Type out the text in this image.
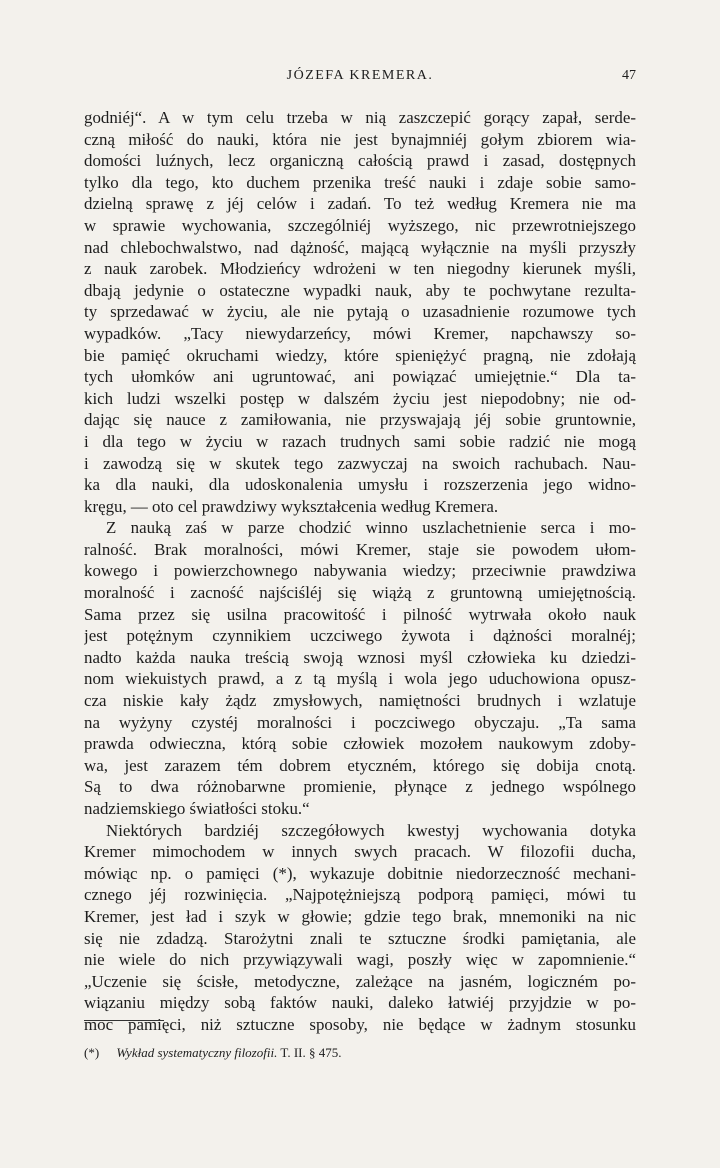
JÓZEFA KREMERA.	47
godniéj“. A w tym celu trzeba w nią zaszczepić gorący zapał, serde-
czną miłość do nauki, która nie jest bynajmniéj gołym zbiorem wia-
domości luźnych, lecz organiczną całością prawd i zasad, dostępnych
tylko dla tego, kto duchem przenika treść nauki i zdaje sobie samo-
dzielną sprawę z jéj celów i zadań. To też według Kremera nie ma
w sprawie wychowania, szczególniéj wyższego, nic przewrotniejszego
nad chlebochwalstwo, nad dążność, mającą wyłącznie na myśli przyszły
z nauk zarobek. Młodzieńcy wdrożeni w ten niegodny kierunek myśli,
dbają jedynie o ostateczne wypadki nauk, aby te pochwytane rezulta-
ty sprzedawać w życiu, ale nie pytają o uzasadnienie rozumowe tych
wypadków. „Tacy niewydarzeńcy, mówi Kremer, napchawszy so-
bie pamięć okruchami wiedzy, które spieniężyć pragną, nie zdołają
tych ułomków ani ugruntować, ani powiązać umiejętnie.“ Dla ta-
kich ludzi wszelki postęp w dalszém życiu jest niepodobny; nie od-
dając się nauce z zamiłowania, nie przyswajają jéj sobie gruntownie,
i dla tego w życiu w razach trudnych sami sobie radzić nie mogą
i zawodzą się w skutek tego zazwyczaj na swoich rachubach. Nau-
ka dla nauki, dla udoskonalenia umysłu i rozszerzenia jego widno-
kręgu, — oto cel prawdziwy wykształcenia według Kremera.
Z nauką zaś w parze chodzić winno uszlachetnienie serca i mo-
ralność. Brak moralności, mówi Kremer, staje sie powodem ułom-
kowego i powierzchownego nabywania wiedzy; przeciwnie prawdziwa
moralność i zacność najściśléj się wiążą z gruntowną umiejętnością.
Sama przez się usilna pracowitość i pilność wytrwała około nauk
jest potężnym czynnikiem uczciwego żywota i dążności moralnéj;
nadto każda nauka treścią swoją wznosi myśl człowieka ku dziedzi-
nom wiekuistych prawd, a z tą myślą i wola jego uduchowiona opusz-
cza niskie kały żądz zmysłowych, namiętności brudnych i wzlatuje
na wyżyny czystéj moralności i poczciwego obyczaju. „Ta sama
prawda odwieczna, którą sobie człowiek mozołem naukowym zdoby-
wa, jest zarazem tém dobrem etyczném, którego się dobija cnotą.
Są to dwa różnobarwne promienie, płynące z jednego wspólnego
nadziemskiego światłości stoku.“
Niektórych bardziéj szczegółowych kwestyj wychowania dotyka
Kremer mimochodem w innych swych pracach. W filozofii ducha,
mówiąc np. o pamięci (*), wykazuje dobitnie niedorzeczność mechani-
cznego jéj rozwinięcia. „Najpotężniejszą podporą pamięci, mówi tu
Kremer, jest ład i szyk w głowie; gdzie tego brak, mnemoniki na nic
się nie zdadzą. Starożytni znali te sztuczne środki pamiętania, ale
nie wiele do nich przywiązywali wagi, poszły więc w zapomnienie.“
„Uczenie się ścisłe, metodyczne, zależące na jasném, logiczném po-
wiązaniu między sobą faktów nauki, daleko łatwiéj przyjdzie w po-
moc pamięci, niż sztuczne sposoby, nie będące w żadnym stosunku
(*) Wykład systematyczny filozofii. T. II. § 475.
